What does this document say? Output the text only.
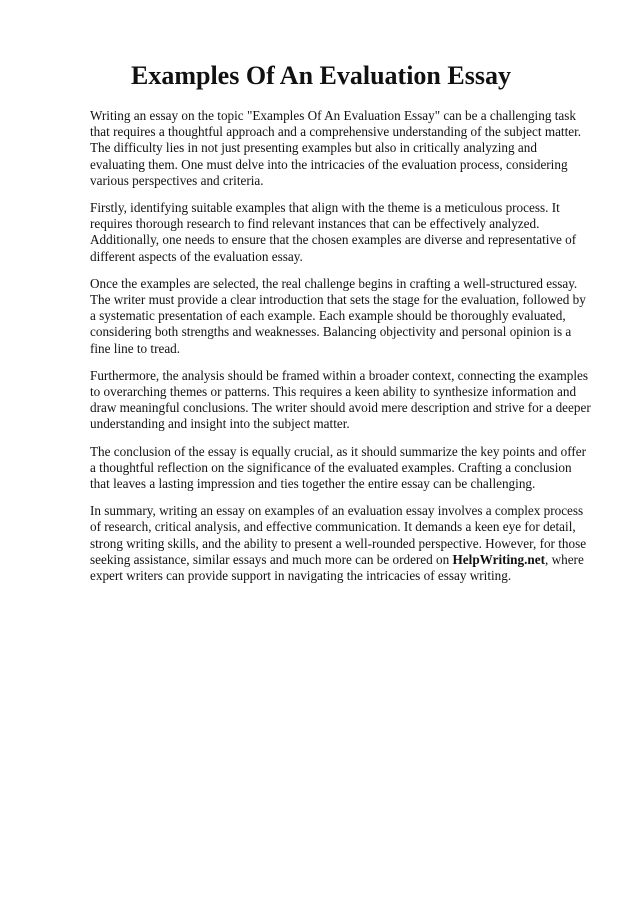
Examples Of An Evaluation Essay

Writing an essay on the topic "Examples Of An Evaluation Essay" can be a challenging task that requires a thoughtful approach and a comprehensive understanding of the subject matter. The difficulty lies in not just presenting examples but also in critically analyzing and evaluating them. One must delve into the intricacies of the evaluation process, considering various perspectives and criteria.

Firstly, identifying suitable examples that align with the theme is a meticulous process. It requires thorough research to find relevant instances that can be effectively analyzed. Additionally, one needs to ensure that the chosen examples are diverse and representative of different aspects of the evaluation essay.

Once the examples are selected, the real challenge begins in crafting a well-structured essay. The writer must provide a clear introduction that sets the stage for the evaluation, followed by a systematic presentation of each example. Each example should be thoroughly evaluated, considering both strengths and weaknesses. Balancing objectivity and personal opinion is a fine line to tread.

Furthermore, the analysis should be framed within a broader context, connecting the examples to overarching themes or patterns. This requires a keen ability to synthesize information and draw meaningful conclusions. The writer should avoid mere description and strive for a deeper understanding and insight into the subject matter.

The conclusion of the essay is equally crucial, as it should summarize the key points and offer a thoughtful reflection on the significance of the evaluated examples. Crafting a conclusion that leaves a lasting impression and ties together the entire essay can be challenging.

In summary, writing an essay on examples of an evaluation essay involves a complex process of research, critical analysis, and effective communication. It demands a keen eye for detail, strong writing skills, and the ability to present a well-rounded perspective. However, for those seeking assistance, similar essays and much more can be ordered on HelpWriting.net, where expert writers can provide support in navigating the intricacies of essay writing.
